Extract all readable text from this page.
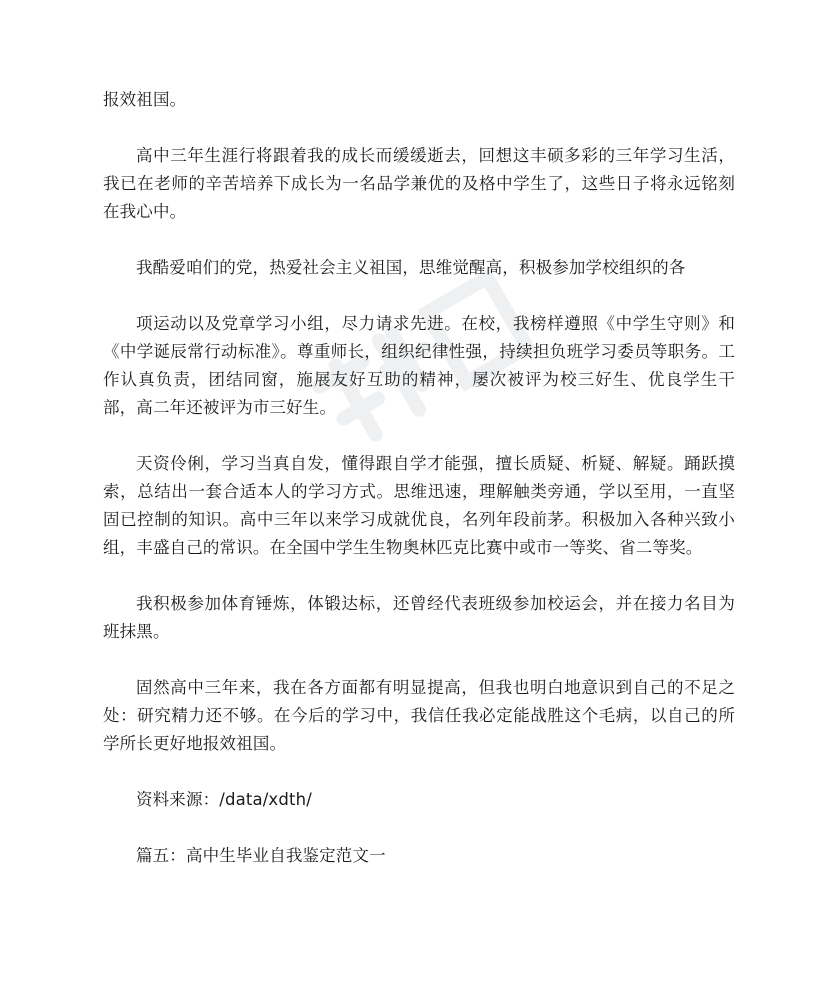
报效祖国。

高中三年生涯行将跟着我的成长而缓缓逝去，回想这丰硕多彩的三年学习生活，我已在老师的辛苦培养下成长为一名品学兼优的及格中学生了，这些日子将永远铭刻在我心中。

我酷爱咱们的党，热爱社会主义祖国，思维觉醒高，积极参加学校组织的各

项运动以及党章学习小组，尽力请求先进。在校，我榜样遵照《中学生守则》和《中学诞辰常行动标准》。尊重师长，组织纪律性强，持续担负班学习委员等职务。工作认真负责，团结同窗，施展友好互助的精神，屡次被评为校三好生、优良学生干部，高二年还被评为市三好生。

天资伶俐，学习当真自发，懂得跟自学才能强，擅长质疑、析疑、解疑。踊跃摸索，总结出一套合适本人的学习方式。思维迅速，理解触类旁通，学以至用，一直坚固已控制的知识。高中三年以来学习成就优良，名列年段前茅。积极加入各种兴致小组，丰盛自己的常识。在全国中学生生物奥林匹克比赛中或市一等奖、省二等奖。

我积极参加体育锤炼，体锻达标，还曾经代表班级参加校运会，并在接力名目为班抹黑。

固然高中三年来，我在各方面都有明显提高，但我也明白地意识到自己的不足之处：研究精力还不够。在今后的学习中，我信任我必定能战胜这个毛病，以自己的所学所长更好地报效祖国。

资料来源：/data/xdth/

篇五：高中生毕业自我鉴定范文一
